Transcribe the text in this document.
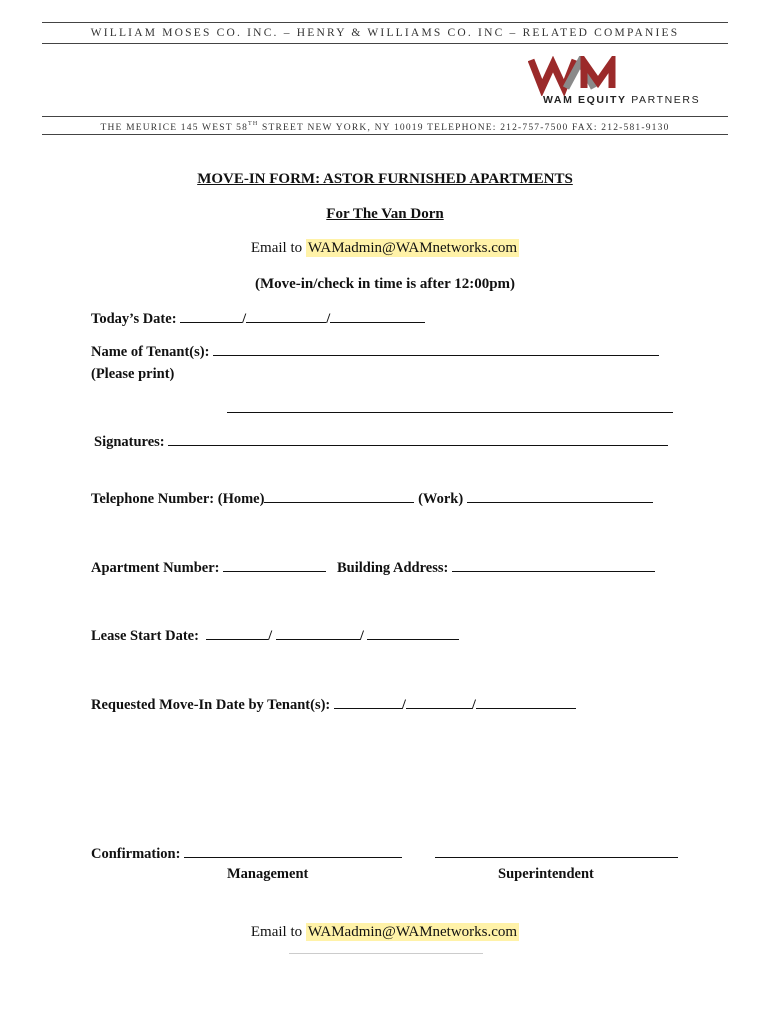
WILLIAM MOSES CO. INC. – HENRY & WILLIAMS CO. INC – RELATED COMPANIES
WAM EQUITY PARTNERS
THE MEURICE 145 WEST 58TH STREET NEW YORK, NY 10019 TELEPHONE: 212-757-7500 FAX: 212-581-9130
MOVE-IN FORM: ASTOR FURNISHED APARTMENTS
For The Van Dorn
Email to WAMadmin@WAMnetworks.com
(Move-in/check in time is after 12:00pm)
Today’s Date:	/	/
Name of Tenant(s):
(Please print)
Signatures:
Telephone Number: (Home)	(Work)
Apartment Number:	Building Address:
Lease Start Date:	/	/
Requested Move-In Date by Tenant(s):	/	/
Confirmation:
Management	Superintendent
Email to WAMadmin@WAMnetworks.com
